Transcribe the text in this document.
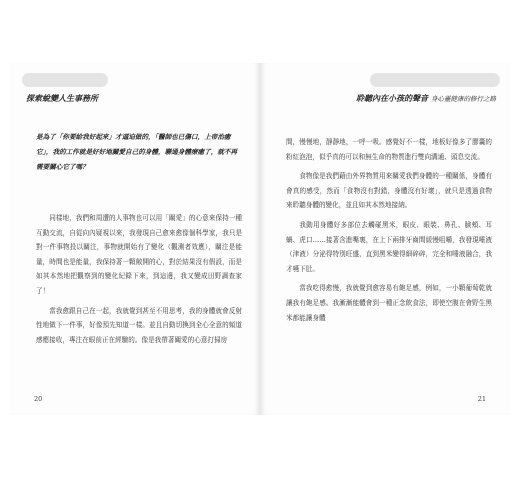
探索蛻變人生事務所
是為了「你要給我好起來」才逼迫做的，「醫師也已傷口，上帝治癒它」，我的工作就是好好地關愛自己的身體，聯通身體療癒了，就不再需要關心它了嗎？

同樣地，我們和周遭的人事物也可以用「關愛」的心意來保持一種互動交流，自從向內疑視以來，我發現自己愈來愈像個科學家，我只是對一件事物投以關注，事物就開始有了變化（觀測者效應），關注是能量，時間也是能量，我保持著一顆敞開的心，對於結果沒有假設，而是如其本然地把觀察到的變化紀錄下來，到這邊，我又變成田野調查家了！

當我愈跟自己在一起，我就覺到甚至不用思考，我的身體就會反射性地做下一件事，好像預先知道一樣。並且自動切換到全心全意的頻道感應接收，專注在眼前正在經驗的。像是我帶著關愛的心意打掃房

20
聆聽內在小孩的聲音 身心靈健康的修行之路

間，慢慢地，靜靜地，一呼一吸。感覺好不一樣，地板好像多了膠囊的粉紅泡泡，似乎真的可以和無生命的物質進行雙向溝通、頭息交流。

食物像是我們藉由外界物質用來關愛我們身體的一種關係，身體有會真的感受，然而「食物沒有對錯，身體沒有好壞」，就只是透過食物來聆聽身體的變化，並且如其本然地接納。

我動用身體好多部位去觸碰黑米，眼皮、眼裝、鼻孔、臉頰、耳蝸、虎口……接著含進嘴裏，在上下兩排牙齒間緩慢咀嚼，我發現唾液（津液）分泌得特別旺盛，直到黑米變得細碎碎，完全和唾液融合，我才嚥下肚。

當我吃得愈慢，我就覺到愈容易有飽足感，例如，一小顆葡萄乾就讓我有飽足感。我漸漸能體會到一種正念飲食法，即使空腹在會野生黑米都能讓身體

21
